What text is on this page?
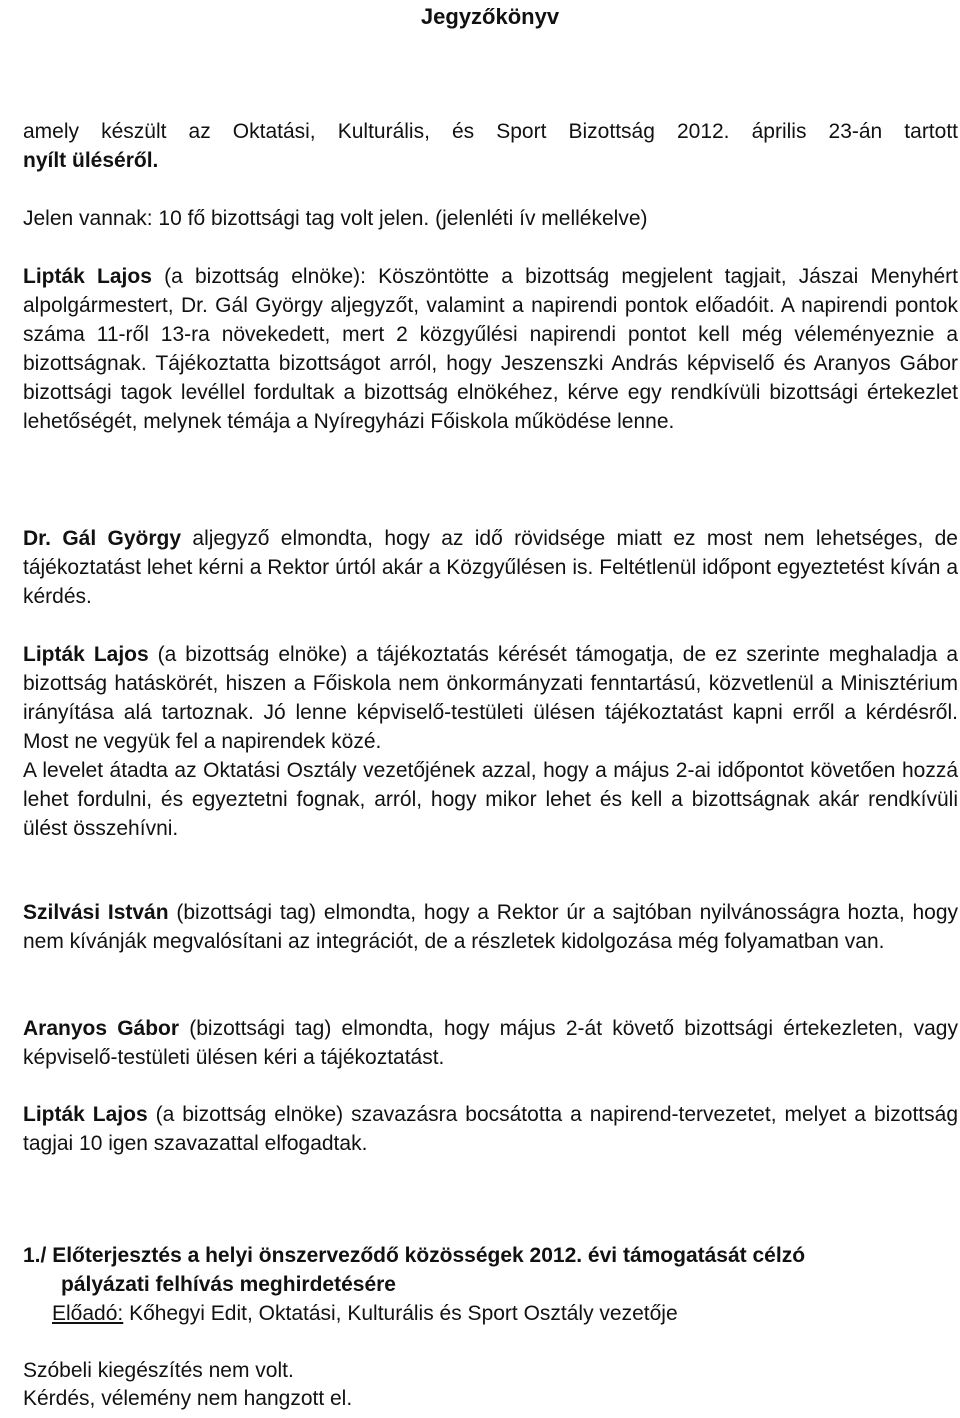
Jegyzőkönyv

amely készült az Oktatási, Kulturális, és Sport Bizottság 2012. április 23-án tartott

nyílt üléséről.

Jelen vannak: 10 fő bizottsági tag volt jelen. (jelenléti ív mellékelve)

Lipták Lajos (a bizottság elnöke): Köszöntötte a bizottság megjelent tagjait, Jászai Menyhért alpolgármestert, Dr. Gál György aljegyzőt, valamint a napirendi pontok előadóit. A napirendi pontok száma 11-ről 13-ra növekedett, mert 2 közgyűlési napirendi pontot kell még véleményeznie a bizottságnak. Tájékoztatta bizottságot arról, hogy Jeszenszki András képviselő és Aranyos Gábor bizottsági tagok levéllel fordultak a bizottság elnökéhez, kérve egy rendkívüli bizottsági értekezlet lehetőségét, melynek témája a Nyíregyházi Főiskola működése lenne.

Dr. Gál György aljegyző elmondta, hogy az idő rövidsége miatt ez most nem lehetséges, de tájékoztatást lehet kérni a Rektor úrtól akár a Közgyűlésen is. Feltétlenül időpont egyeztetést kíván a kérdés.

Lipták Lajos (a bizottság elnöke) a tájékoztatás kérését támogatja, de ez szerinte meghaladja a bizottság hatáskörét, hiszen a Főiskola nem önkormányzati fenntartású, közvetlenül a Minisztérium irányítása alá tartoznak. Jó lenne képviselő-testületi ülésen tájékoztatást kapni erről a kérdésről. Most ne vegyük fel a napirendek közé.

A levelet átadta az Oktatási Osztály vezetőjének azzal, hogy a május 2-ai időpontot követően hozzá lehet fordulni, és egyeztetni fognak, arról, hogy mikor lehet és kell a bizottságnak akár rendkívüli ülést összehívni.

Szilvási István (bizottsági tag) elmondta, hogy a Rektor úr a sajtóban nyilvánosságra hozta, hogy nem kívánják megvalósítani az integrációt, de a részletek kidolgozása még folyamatban van.

Aranyos Gábor (bizottsági tag) elmondta, hogy május 2-át követő bizottsági értekezleten, vagy képviselő-testületi ülésen kéri a tájékoztatást.

Lipták Lajos (a bizottság elnöke) szavazásra bocsátotta a napirend-tervezetet, melyet a bizottság tagjai 10 igen szavazattal elfogadtak.

1./ Előterjesztés a helyi önszerveződő közösségek 2012. évi támogatását célzó
pályázati felhívás meghirdetésére
Előadó: Kőhegyi Edit, Oktatási, Kulturális és Sport Osztály vezetője

Szóbeli kiegészítés nem volt.

Kérdés, vélemény nem hangzott el.
